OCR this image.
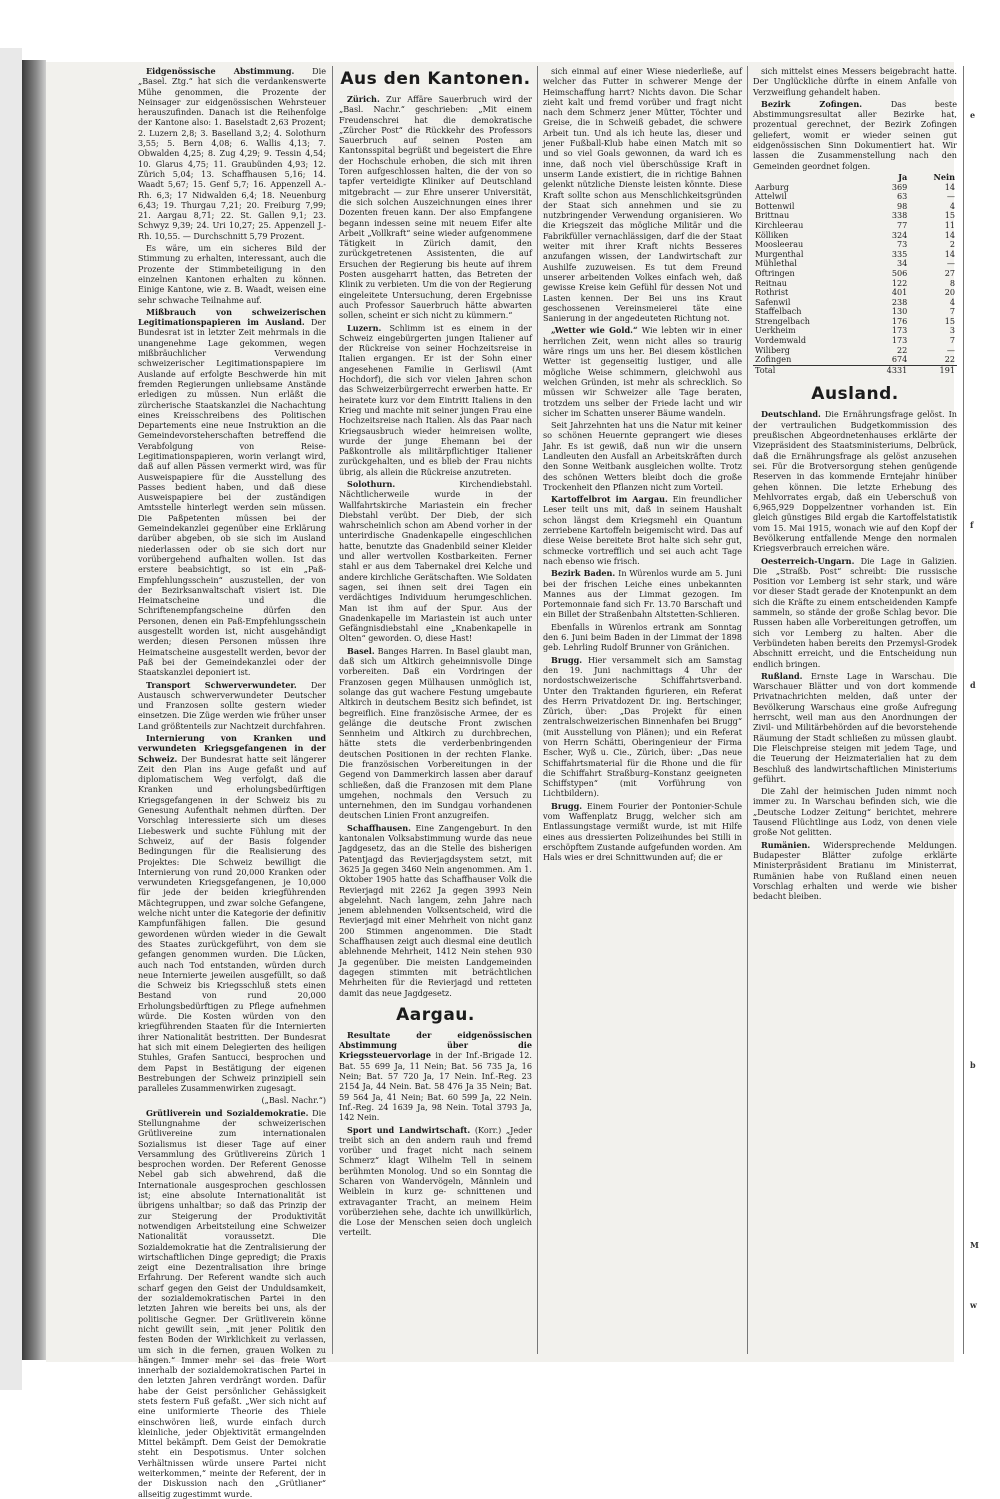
Eidgenössische Abstimmung. Die „Basel. Ztg.“ hat sich die verdankenswerte Mühe genommen, die Prozente der Neinsager zur eidgenössischen Wehrsteuer herauszufinden. Danach ist die Reihenfolge der Kantone also: 1. Baselstadt 2,63 Prozent; 2. Luzern 2,8; 3. Baselland 3,2; 4. Solothurn 3,55; 5. Bern 4,08; 6. Wallis 4,13; 7. Obwalden 4,25; 8. Zug 4,29; 9. Tessin 4,54; 10. Glarus 4,75; 11. Graubünden 4,93; 12. Zürich 5,04; 13. Schaffhausen 5,16; 14. Waadt 5,67; 15. Genf 5,7; 16. Appenzell A.-Rh. 6,3; 17 Nidwalden 6,4; 18. Neuenburg 6,43; 19. Thurgau 7,21; 20. Freiburg 7,99; 21. Aargau 8,71; 22. St. Gallen 9,1; 23. Schwyz 9,39; 24. Uri 10,27; 25. Appenzell J.-Rh. 10,55. — Durchschnitt 5,79 Prozent.

Es wäre, um ein sicheres Bild der Stimmung zu erhalten, interessant, auch die Prozente der Stimmbeteiligung in den einzelnen Kantonen erhalten zu können. Einige Kantone, wie z. B. Waadt, weisen eine sehr schwache Teilnahme auf.

Mißbrauch von schweizerischen Legitimationspapieren im Ausland. Der Bundesrat ist in letzter Zeit mehrmals in die unangenehme Lage gekommen, wegen mißbräuchlicher Verwendung schweizerischer Legitimationspapiere im Auslande auf erfolgte Beschwerde hin mit fremden Regierungen unliebsame Anstände erledigen zu müssen. Nun erläßt die zürcherische Staatskanzlei die Nachachtung eines Kreisschreibens des Politischen Departements eine neue Instruktion an die Gemeindevorsteherschaften betreffend die Verabfolgung von Reise-Legitimationspapieren, worin verlangt wird, daß auf allen Pässen vermerkt wird, was für Ausweispapiere für die Ausstellung des Passes bedient haben, und daß diese Ausweispapiere bei der zuständigen Amtsstelle hinterlegt werden sein müssen. Die Paßpetenten müssen bei der Gemeindekanzlei gegenüber eine Erklärung darüber abgeben, ob sie sich im Ausland niederlassen oder ob sie sich dort nur vorübergehend aufhalten wollen. Ist das erstere beabsichtigt, so ist ein „Paß-Empfehlungsschein“ auszustellen, der von der Bezirksanwaltschaft visiert ist. Die Heimatscheine und die Schriftenempfangscheine dürfen den Personen, denen ein Paß-Empfehlungsschein ausgestellt worden ist, nicht ausgehändigt werden; diesen Personen müssen ihre Heimatscheine ausgestellt werden, bevor der Paß bei der Gemeindekanzlei oder der Staatskanzlei deponiert ist.

Transport Schwerverwundeter. Der Austausch schwerverwundeter Deutscher und Franzosen sollte gestern wieder einsetzen. Die Züge werden wie früher unser Land größtenteils zur Nachtzeit durchfahren.

Internierung von Kranken und verwundeten Kriegsgefangenen in der Schweiz. Der Bundesrat hatte seit längerer Zeit den Plan ins Auge gefaßt und auf diplomatischem Weg verfolgt, daß die Kranken und erholungsbedürftigen Kriegsgefangenen in der Schweiz bis zu Genesung Aufenthalt nehmen dürften. Der Vorschlag interessierte sich um dieses Liebeswerk und suchte Fühlung mit der Schweiz, auf der Basis folgender Bedingungen für die Realisierung des Projektes: Die Schweiz bewilligt die Internierung von rund 20,000 Kranken oder verwundeten Kriegsgefangenen, je 10,000 für jede der beiden kriegführenden Mächtegruppen, und zwar solche Gefangene, welche nicht unter die Kategorie der definitiv Kampfunfähigen fallen. Die gesund gewordenen würden wieder in die Gewalt des Staates zurückgeführt, von dem sie gefangen genommen wurden. Die Lücken, auch nach Tod entstanden, würden durch neue Internierte jeweilen ausgefüllt, so daß die Schweiz bis Kriegsschluß stets einen Bestand von rund 20,000 Erholungsbedürftigen zu Pflege aufnehmen würde. Die Kosten würden von den kriegführenden Staaten für die Internierten ihrer Nationalität bestritten. Der Bundesrat hat sich mit einem Delegierten des heiligen Stuhles, Grafen Santucci, besprochen und dem Papst in Bestätigung der eigenen Bestrebungen der Schweiz prinzipiell sein paralleles Zusammenwirken zugesagt.

(„Basl. Nachr.“)

Grütliverein und Sozialdemokratie. Die Stellungnahme der schweizerischen Grütlivereine zum internationalen Sozialismus ist dieser Tage auf einer Versammlung des Grütlivereins Zürich 1 besprochen worden. Der Referent Genosse Nebel gab sich abwehrend, daß die Internationale ausgesprochen geschlossen ist; eine absolute Internationalität ist übrigens unhaltbar; so daß das Prinzip der zur Steigerung der Produktivität notwendigen Arbeitsteilung eine Schweizer Nationalität voraussetzt. Die Sozialdemokratie hat die Zentralisierung der wirtschaftlichen Dinge gepredigt; die Praxis zeigt eine Dezentralisation ihre bringe Erfahrung. Der Referent wandte sich auch scharf gegen den Geist der Unduldsamkeit, der sozialdemokratischen Partei in den letzten Jahren wie bereits bei uns, als der politische Gegner. Der Grütliverein könne nicht gewillt sein, „mit jener Politik den festen Boden der Wirklichkeit zu verlassen, um sich in die fernen, grauen Wolken zu hängen.“ Immer mehr sei das freie Wort innerhalb der sozialdemokratischen Partei in den letzten Jahren verdrängt worden. Dafür habe der Geist persönlicher Gehässigkeit stets festern Fuß gefaßt. „Wer sich nicht auf eine uniformierte Theorie des Thiele einschwören ließ, wurde einfach durch kleinliche, jeder Objektivität ermangelnden Mittel bekämpft. Dem Geist der Demokratie steht ein Despotismus. Unter solchen Verhältnissen würde unsere Partei nicht weiterkommen,“ meinte der Referent, der in der Diskussion nach den „Grütlianer“ allseitig zugestimmt wurde.

Aus den Kantonen.

Zürich. Zur Affäre Sauerbruch wird der „Basl. Nachr.“ geschrieben: „Mit einem Freudenschrei hat die demokratische „Zürcher Post“ die Rückkehr des Professors Sauerbruch auf seinen Posten am Kantonsspital begrüßt und begeistert die Ehre der Hochschule erhoben, die sich mit ihren Toren aufgeschlossen halten, die der von so tapfer verteidigte Kliniker auf Deutschland mitgebracht — zur Ehre unserer Universität, die sich solchen Auszeichnungen eines ihrer Dozenten freuen kann. Der also Empfangene begann indessen seine mit neuem Eifer alte Arbeit „Vollkraft“ seine wieder aufgenommene Tätigkeit in Zürich damit, den zurückgetretenen Assistenten, die auf Ersuchen der Regierung bis heute auf ihrem Posten ausgeharrt hatten, das Betreten der Klinik zu verbieten. Um die von der Regierung eingeleitete Untersuchung, deren Ergebnisse auch Professor Sauerbruch hätte abwarten sollen, scheint er sich nicht zu kümmern.“

Luzern. Schlimm ist es einem in der Schweiz eingebürgerten jungen Italiener auf der Rückreise von seiner Hochzeitsreise in Italien ergangen. Er ist der Sohn einer angesehenen Familie in Gerliswil (Amt Hochdorf), die sich vor vielen Jahren schon das Schweizerbürgerrecht erwerben hatte. Er heiratete kurz vor dem Eintritt Italiens in den Krieg und machte mit seiner jungen Frau eine Hochzeitsreise nach Italien. Als das Paar nach Kriegsausbruch wieder heimreisen wollte, wurde der junge Ehemann bei der Paßkontrolle als militärpflichtiger Italiener zurückgehalten, und es blieb der Frau nichts übrig, als allein die Rückreise anzutreten.

Solothurn.	Kirchendiebstahl. Nächtlicherweile wurde in der Wallfahrtskirche Mariastein ein frecher Diebstahl verübt. Der Dieb, der sich wahrscheinlich schon am Abend vorher in der unterirdische Gnadenkapelle eingeschlichen hatte, benutzte das Gnadenbild seiner Kleider und aller wertvollen Kostbarkeiten. Ferner stahl er aus dem Tabernakel drei Kelche und andere kirchliche Gerätschaften. Wie Soldaten sagen, sei ihnen seit drei Tagen ein verdächtiges Individuum herumgeschlichen. Man ist ihm auf der Spur. Aus der Gnadenkapelle im Mariastein ist auch unter Gefängnisdiebstahl eine „Knabenkapelle in Olten“ geworden. O, diese Hast!

Basel. Banges Harren. In Basel glaubt man, daß sich um Altkirch geheimnisvolle Dinge vorbereiten. Daß ein Vordringen der Franzosen gegen Mülhausen unmöglich ist, solange das gut wachere Festung umgebaute Altkirch in deutschem Besitz sich befindet, ist begreiflich. Eine französische Armee, der es gelänge die deutsche Front zwischen Sennheim und Altkirch zu durchbrechen, hätte stets die verderbenbringenden deutschen Positionen in der rechten Flanke. Die französischen Vorbereitungen in der Gegend von Dammerkirch lassen aber darauf schließen, daß die Franzosen mit dem Plane umgehen, nochmals den Versuch zu unternehmen, den im Sundgau vorhandenen deutschen Linien Front anzugreifen.

Schaffhausen. Eine Zangengeburt. In den kantonalen Volksabstimmung wurde das neue Jagdgesetz, das an die Stelle des bisherigen Patentjagd das Revierjagdsystem setzt, mit 3625 Ja gegen 3460 Nein angenommen. Am 1. Oktober 1905 hatte das Schaffhauser Volk die Revierjagd mit 2262 Ja gegen 3993 Nein abgelehnt. Nach langem, zehn Jahre nach jenem ablehnenden Volksentscheid, wird die Revierjagd mit einer Mehrheit von nicht ganz 200 Stimmen angenommen. Die Stadt Schaffhausen zeigt auch diesmal eine deutlich ablehnende Mehrheit, 1412 Nein stehen 930 Ja gegenüber. Die meisten Landgemeinden dagegen stimmten mit beträchtlichen Mehrheiten für die Revierjagd und retteten damit das neue Jagdgesetz.

Aargau.

Resultate der eidgenössischen Abstimmung über die Kriegssteuervorlage in der Inf.-Brigade 12. Bat. 55 699 Ja, 11 Nein; Bat. 56 735 Ja, 16 Nein; Bat. 57 720 Ja, 17 Nein. Inf.-Reg. 23 2154 Ja, 44 Nein. Bat. 58 476 Ja 35 Nein; Bat. 59 564 Ja, 41 Nein; Bat. 60 599 Ja, 22 Nein. Inf.-Reg. 24 1639 Ja, 98 Nein. Total 3793 Ja, 142 Nein.

Sport und Landwirtschaft. (Korr.) „Jeder treibt sich an den andern rauh und fremd vorüber und fraget nicht nach seinem Schmerz“ klagt Wilhelm Tell in seinem berühmten Monolog. Und so ein Sonntag die Scharen von Wandervögeln, Männlein und Weiblein in kurz ge- schnittenen und extravaganter Tracht, an meinem Heim vorüberziehen sehe, dachte ich unwillkürlich, die Lose der Menschen seien doch ungleich verteilt.

sich einmal auf einer Wiese niederließe, auf welcher das Futter in schwerer Menge der Heimschaffung harrt? Nichts davon. Die Schar zieht kalt und fremd vorüber und fragt nicht nach dem Schmerz jener Mütter, Töchter und Greise, die in Schweiß gebadet, die schwere Arbeit tun. Und als ich heute las, dieser und jener Fußball-Klub habe einen Match mit so und so viel Goals gewonnen, da ward ich es inne, daß noch viel überschüssige Kraft in unserm Lande existiert, die in richtige Bahnen gelenkt nützliche Dienste leisten könnte. Diese Kraft sollte schon aus Menschlichkeitsgründen der Staat sich annehmen und sie zu nutzbringender Verwendung organisieren. Wo die Kriegszeit das mögliche Militär und die Fabrikfüller vernachlässigen, darf die der Staat weiter mit ihrer Kraft nichts Besseres anzufangen wissen, der Landwirtschaft zur Aushilfe zuzuweisen. Es tut dem Freund unserer arbeitenden Volkes einfach weh, daß gewisse Kreise kein Gefühl für dessen Not und Lasten kennen. Der Bei uns ins Kraut geschossenen Vereinsmeierei täte eine Sanierung in der angedeuteten Richtung not.

„Wetter wie Gold.“ Wie lebten wir in einer herrlichen Zeit, wenn nicht alles so traurig wäre rings um uns her. Bei diesem köstlichen Wetter ist gegenseitig lustiger, und alle mögliche Weise schimmern, gleichwohl aus welchen Gründen, ist mehr als schrecklich. So müssen wir Schweizer alle Tage beraten, trotzdem uns selber der Friede lacht und wir sicher im Schatten unserer Bäume wandeln.

Seit Jahrzehnten hat uns die Natur mit keiner so schönen Heuernte geprangert wie dieses Jahr. Es ist gewiß, daß nun wir die unsern Landleuten den Ausfall an Arbeitskräften durch den Sonne Weitbank ausgleichen wollte. Trotz des schönen Wetters bleibt doch die große Trockenheit den Pflanzen nicht zum Vorteil.

Kartoffelbrot im Aargau. Ein freundlicher Leser teilt uns mit, daß in seinem Haushalt schon längst dem Kriegsmehl ein Quantum zerriebene Kartoffeln beigemischt wird. Das auf diese Weise bereitete Brot halte sich sehr gut, schmecke vortrefflich und sei auch acht Tage nach ebenso wie frisch.

Bezirk Baden. In Würenlos wurde am 5. Juni bei der frischen Leiche eines unbekannten Mannes aus der Limmat gezogen. Im Portemonnaie fand sich Fr. 13.70 Barschaft und ein Billet der Straßenbahn Altstetten-Schlieren.

Ebenfalls in Würenlos ertrank am Sonntag den 6. Juni beim Baden in der Limmat der 1898 geb. Lehrling Rudolf Brunner von Gränichen.

Brugg. Hier versammelt sich am Samstag den 19. Juni nachmittags 4 Uhr der nordostschweizerische Schiffahrtsverband. Unter den Traktanden figurieren, ein Referat des Herrn Privatdozent Dr. ing. Bertschinger, Zürich, über: „Das Projekt für einen zentralschweizerischen Binnenhafen bei Brugg“ (mit Ausstellung von Plänen); und ein Referat von Herrn Schätti, Oberingenieur der Firma Escher, Wyß u. Cie., Zürich, über: „Das neue Schiffahrtsmaterial für die Rhone und die für die Schiffahrt Straßburg–Konstanz geeigneten Schiffstypen“ (mit Vorführung von Lichtbildern).

Brugg. Einem Fourier der Pontonier-Schule vom Waffenplatz Brugg, welcher sich am Entlassungstage vermißt wurde, ist mit Hilfe eines aus dressierten Polizeihundes bei Stilli in erschöpftem Zustande aufgefunden worden. Am Hals wies er drei Schnittwunden auf; die er

sich mittelst eines Messers beigebracht hatte. Der Unglückliche dürfte in einem Anfalle von Verzweiflung gehandelt haben.

Bezirk Zofingen.	Das beste Abstimmungsresultat aller Bezirke hat, prozentual gerechnet, der Bezirk Zofingen geliefert, womit er wieder seinen gut eidgenössischen Sinn Dokumentiert hat. Wir lassen die Zusammenstellung nach den Gemeinden geordnet folgen.

	Ja	Nein
Aarburg	369	14
Attelwil	63	—
Bottenwil	98	4
Brittnau	338	15
Kirchleerau	77	11
Kölliken	324	14
Moosleerau	73	2
Murgenthal	335	14
Mühlethal	34	—
Oftringen	506	27
Reitnau	122	8
Rothrist	401	20
Safenwil	238	4
Staffelbach	130	7
Strengelbach	176	15
Uerkheim	173	3
Vordemwald	173	7
Wiliberg	22	—
Zofingen	674	22
Total	4331	191
Ausland.

Deutschland. Die Ernährungsfrage gelöst. In der vertraulichen Budgetkommission des preußischen Abgeordnetenhauses erklärte der Vizepräsident des Staatsministeriums, Delbrück, daß die Ernährungsfrage als gelöst anzusehen sei. Für die Brotversorgung stehen genügende Reserven in das kommende Erntejahr hinüber gehen können. Die letzte Erhebung des Mehlvorrates ergab, daß ein Ueberschuß von 6,965,929 Doppelzentner vorhanden ist. Ein gleich günstiges Bild ergab die Kartoffelstatistik vom 15. Mai 1915, wonach wie auf den Kopf der Bevölkerung entfallende Menge den normalen Kriegsverbrauch erreichen wäre.

Oesterreich-Ungarn. Die Lage in Galizien. Die „Straßb. Post“ schreibt: Die russische Position vor Lemberg ist sehr stark, und wäre vor dieser Stadt gerade der Knotenpunkt an dem sich die Kräfte zu einem entscheidenden Kampfe sammeln, so stände der große Schlag bevor. Die Russen haben alle Vorbereitungen getroffen, um sich vor Lemberg zu halten. Aber die Verbündeten haben bereits den Przemysl-Grodek Abschnitt erreicht, und die Entscheidung nun endlich bringen.

Rußland. Ernste Lage in Warschau. Die Warschauer Blätter und von dort kommende Privatnachrichten melden, daß unter der Bevölkerung Warschaus eine große Aufregung herrscht, weil man aus den Anordnungen der Zivil- und Militärbehörden auf die bevorstehende Räumung der Stadt schließen zu müssen glaubt. Die Fleischpreise steigen mit jedem Tage, und die Teuerung der Heizmaterialien hat zu dem Beschluß des landwirtschaftlichen Ministeriums geführt.

Die Zahl der heimischen Juden nimmt noch immer zu. In Warschau befinden sich, wie die „Deutsche Lodzer Zeitung“ berichtet, mehrere Tausend Flüchtlinge aus Lodz, von denen viele große Not gelitten.

Rumänien. Widersprechende Meldungen. Budapester Blätter zufolge erklärte Ministerpräsident Bratianu im Ministerrat, Rumänien habe von Rußland einen neuen Vorschlag erhalten und werde wie bisher bedacht bleiben.

e
f
d
b
M
w
